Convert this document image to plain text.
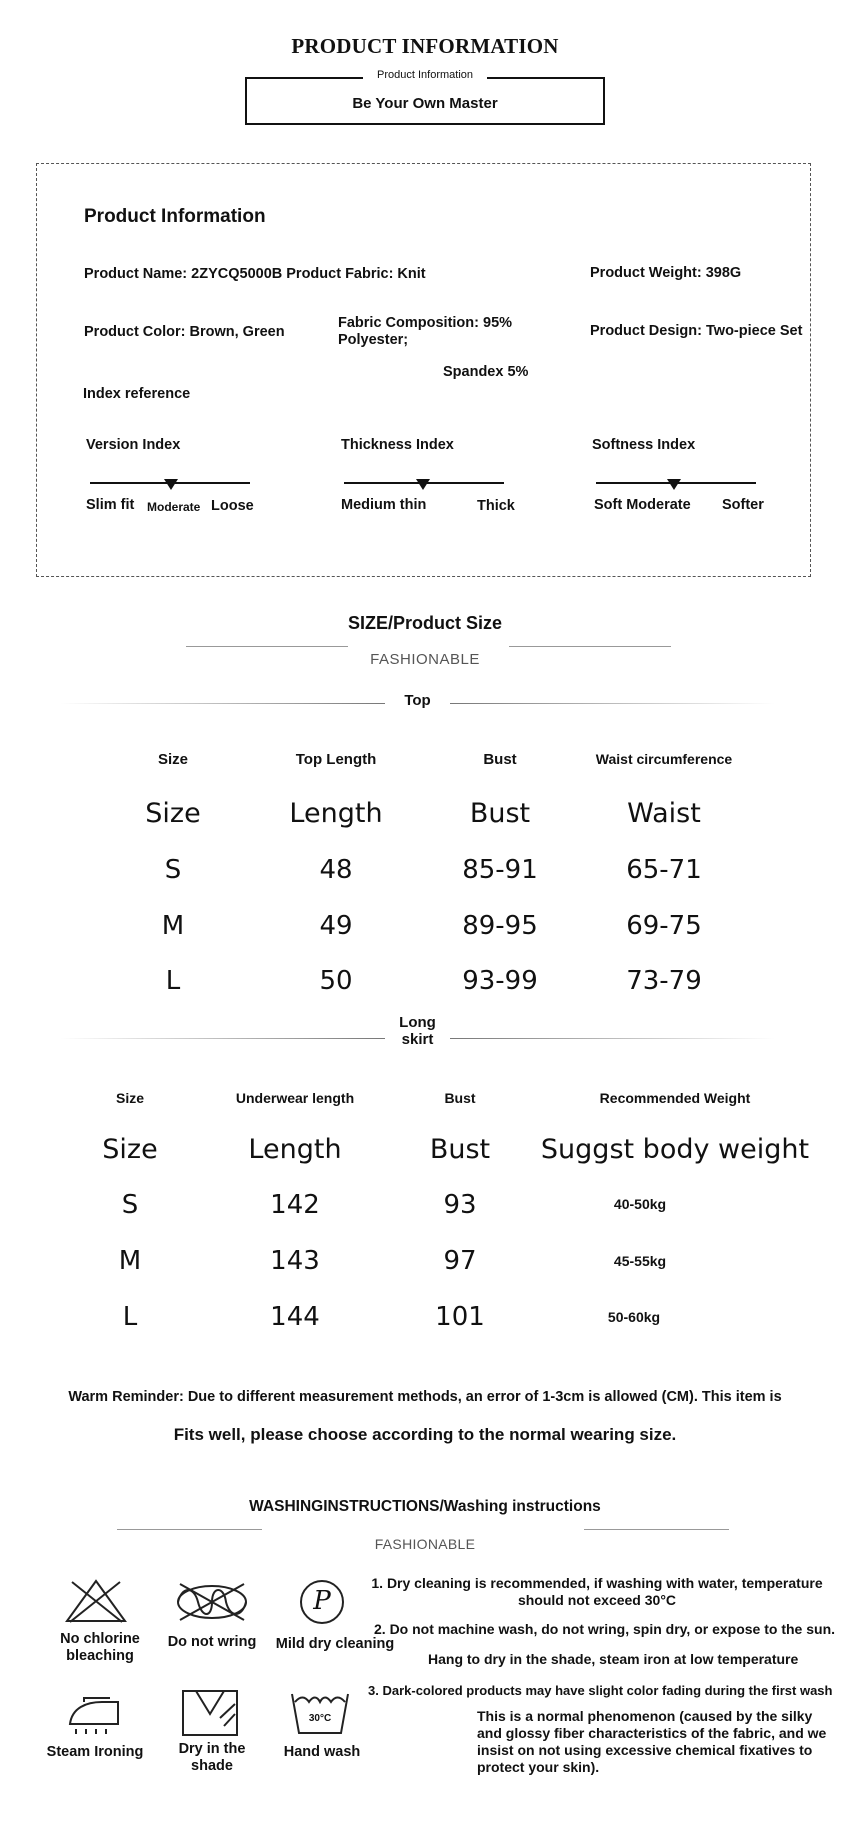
PRODUCT INFORMATION
Product Information
Be Your Own Master
Product Information
Product Name: 2ZYCQ5000B Product Fabric: Knit	Product Weight: 398G
Product Color: Brown, Green
Fabric Composition: 95% Polyester;
Spandex 5%
Product Design: Two-piece Set
Index reference
Version Index
Slim fit Moderate Loose
Thickness Index
Medium thin	Thick
Softness Index
Soft Moderate Softer
SIZE/Product Size
FASHIONABLE
Top
Size	Top Length	Bust	Waist circumference
Size	Length	Bust	Waist
S	48	85-91	65-71
M	49	89-95	69-75
L	50	93-99	73-79
Long
skirt
Size	Underwear length	Bust	Recommended Weight
Size	Length	Bust	Suggst body weight
S	142	93	40-50kg
M	143	97	45-55kg
L	144	101	50-60kg
Warm Reminder: Due to different measurement methods, an error of 1-3cm is allowed (CM). This item is
Fits well, please choose according to the normal wearing size.
WASHINGINSTRUCTIONS/Washing instructions
FASHIONABLE
No chlorine
bleaching
Do not wring
P
Mild dry cleaning
1. Dry cleaning is recommended, if washing with water, temperature
should not exceed 30°C
2. Do not machine wash, do not wring, spin dry, or expose to the sun.
Hang to dry in the shade, steam iron at low temperature
3. Dark-colored products may have slight color fading during the first wash
This is a normal phenomenon (caused by the silky and glossy fiber characteristics of the fabric, and we insist on not using excessive chemical fixatives to protect your skin).
Steam Ironing	Dry in the
shade
30°C
Hand wash
